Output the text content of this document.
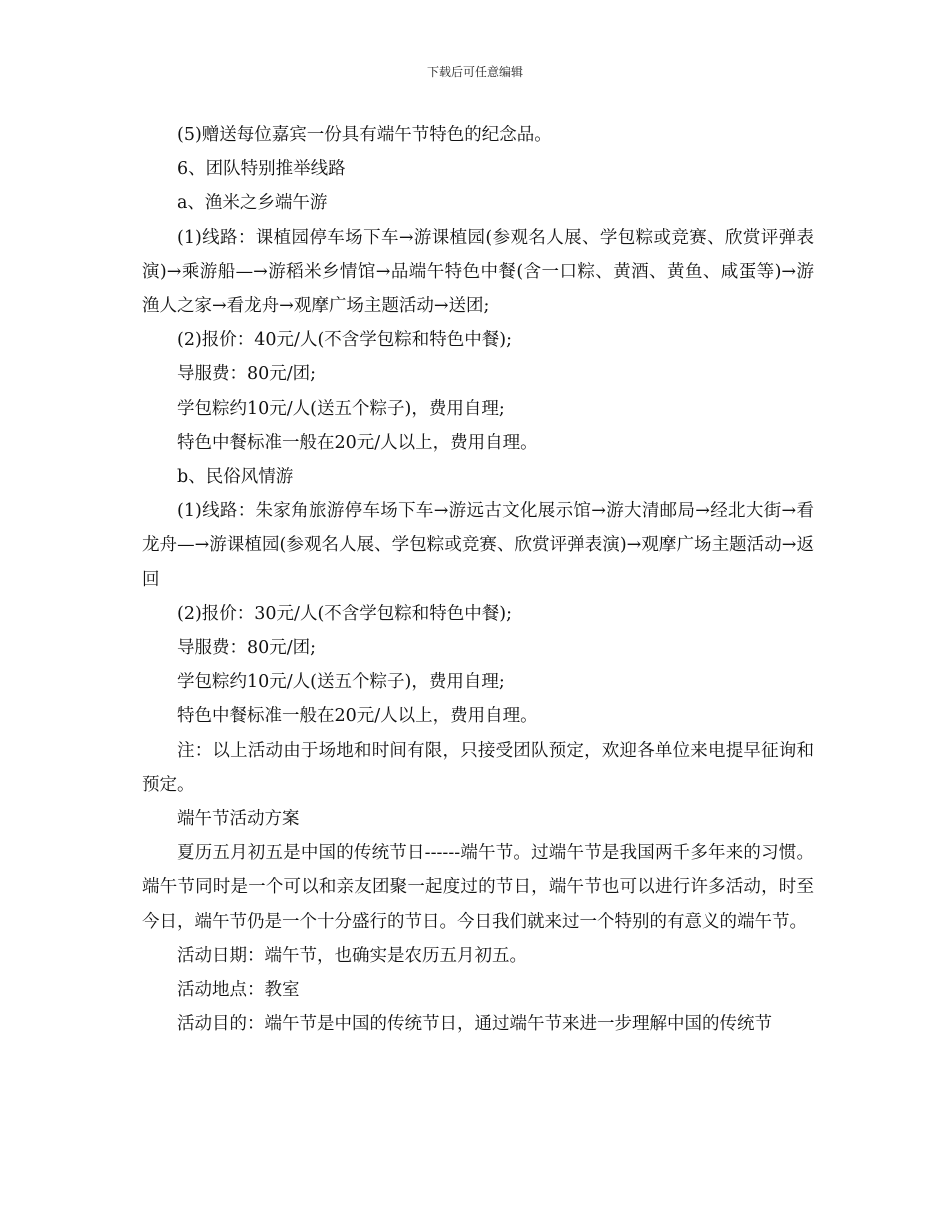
下载后可任意编辑

(5)赠送每位嘉宾一份具有端午节特色的纪念品。

6、团队特别推举线路

a、渔米之乡端午游

(1)线路：课植园停车场下车→游课植园(参观名人展、学包粽或竞赛、欣赏评弹表演)→乘游船—→游稻米乡情馆→品端午特色中餐(含一口粽、黄酒、黄鱼、咸蛋等)→游渔人之家→看龙舟→观摩广场主题活动→送团;

(2)报价：40元/人(不含学包粽和特色中餐);

导服费：80元/团;

学包粽约10元/人(送五个粽子)，费用自理;

特色中餐标准一般在20元/人以上，费用自理。

b、民俗风情游

(1)线路：朱家角旅游停车场下车→游远古文化展示馆→游大清邮局→经北大街→看龙舟—→游课植园(参观名人展、学包粽或竞赛、欣赏评弹表演)→观摩广场主题活动→返回

(2)报价：30元/人(不含学包粽和特色中餐);

导服费：80元/团;

学包粽约10元/人(送五个粽子)，费用自理;

特色中餐标准一般在20元/人以上，费用自理。

注：以上活动由于场地和时间有限，只接受团队预定，欢迎各单位来电提早征询和预定。

端午节活动方案

夏历五月初五是中国的传统节日------端午节。过端午节是我国两千多年来的习惯。端午节同时是一个可以和亲友团聚一起度过的节日，端午节也可以进行许多活动，时至今日，端午节仍是一个十分盛行的节日。今日我们就来过一个特别的有意义的端午节。

活动日期：端午节，也确实是农历五月初五。

活动地点：教室

活动目的：端午节是中国的传统节日，通过端午节来进一步理解中国的传统节
